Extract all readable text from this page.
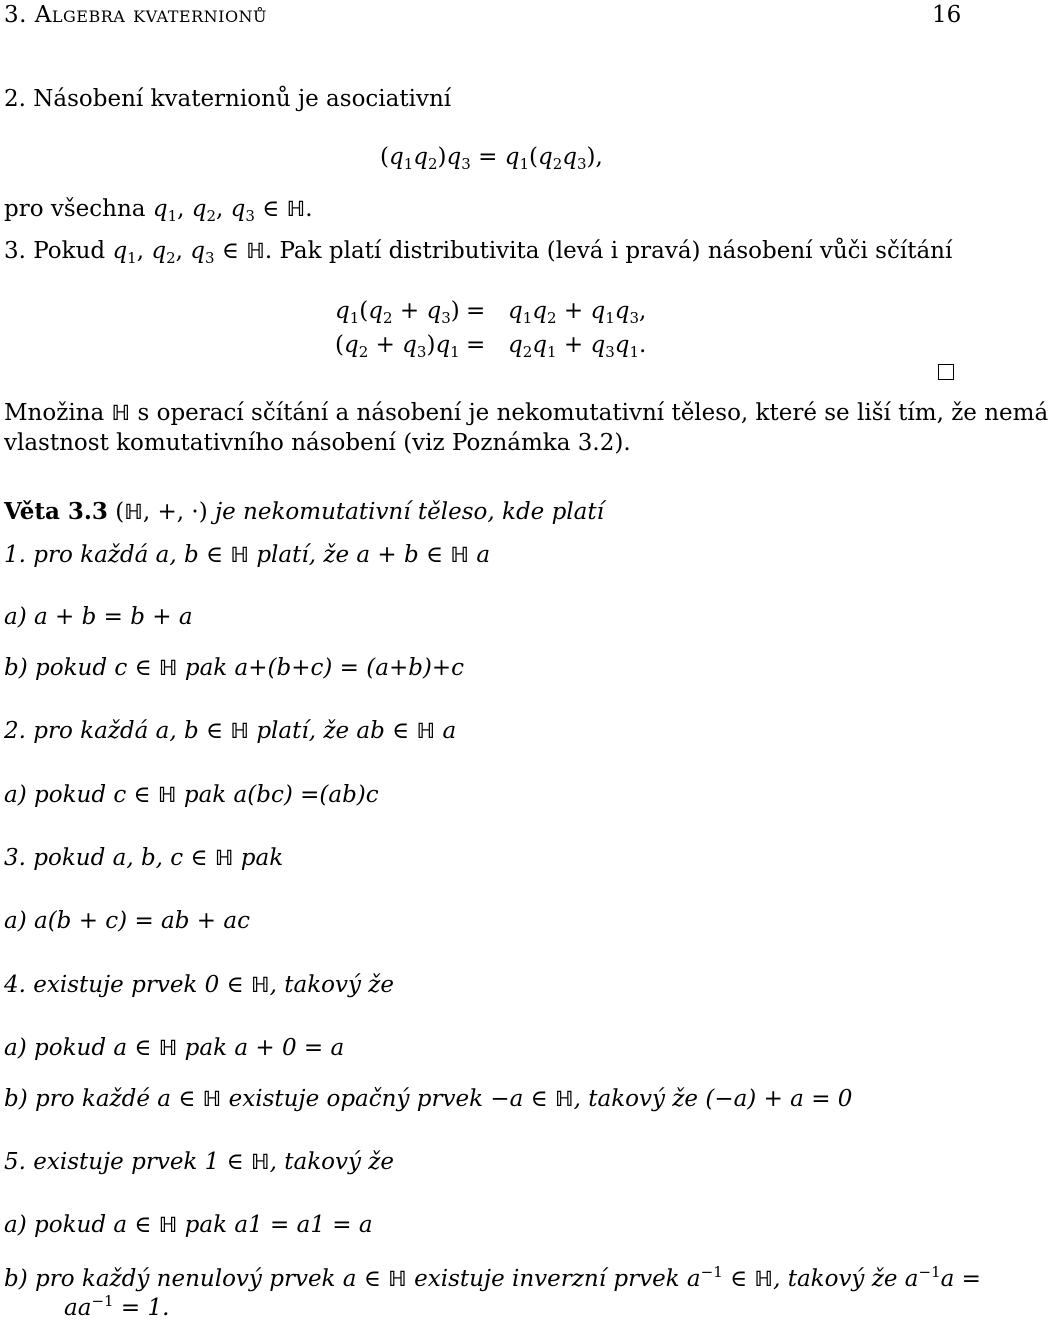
3. Algebra kvaternionů	16
2. Násobení kvaternionů je asociativní
$(q_1q_2)q_3 = q_1(q_2q_3)$,
pro všechna $q_1$, $q_2$, $q_3$ ∈ ℍ.
3. Pokud $q_1$, $q_2$, $q_3$ ∈ ℍ. Pak platí distributivita (levá i pravá) násobení vůči sčítání
$q_1(q_2 + q_3) = q_1q_2 + q_1q_3$,
$(q_2 + q_3)q_1 = q_2q_1 + q_3q_1$.
Množina ℍ s operací sčítání a násobení je nekomutativní těleso, které se liší tím, že nemá
vlastnost komutativního násobení (viz Poznámka 3.2).
Věta 3.3 (ℍ, +, ·) je nekomutativní těleso, kde platí
1. pro každá a, b ∈ ℍ platí, že a + b ∈ ℍ a
a) a + b = b + a
b) pokud c ∈ ℍ pak a+(b+c) = (a+b)+c
2. pro každá a, b ∈ ℍ platí, že ab ∈ ℍ a
a) pokud c ∈ ℍ pak a(bc) =(ab)c
3. pokud a, b, c ∈ ℍ pak
a) a(b + c) = ab + ac
4. existuje prvek 0 ∈ ℍ, takový že
a) pokud a ∈ ℍ pak a + 0 = a
b) pro každé a ∈ ℍ existuje opačný prvek −a ∈ ℍ, takový že (−a) + a = 0
5. existuje prvek 1 ∈ ℍ, takový že
a) pokud a ∈ ℍ pak a1 = a1 = a
b) pro každý nenulový prvek a ∈ ℍ existuje inverzní prvek $a^{-1}$ ∈ ℍ, takový že $a^{-1}a$ =
$aa^{-1} = 1$.
